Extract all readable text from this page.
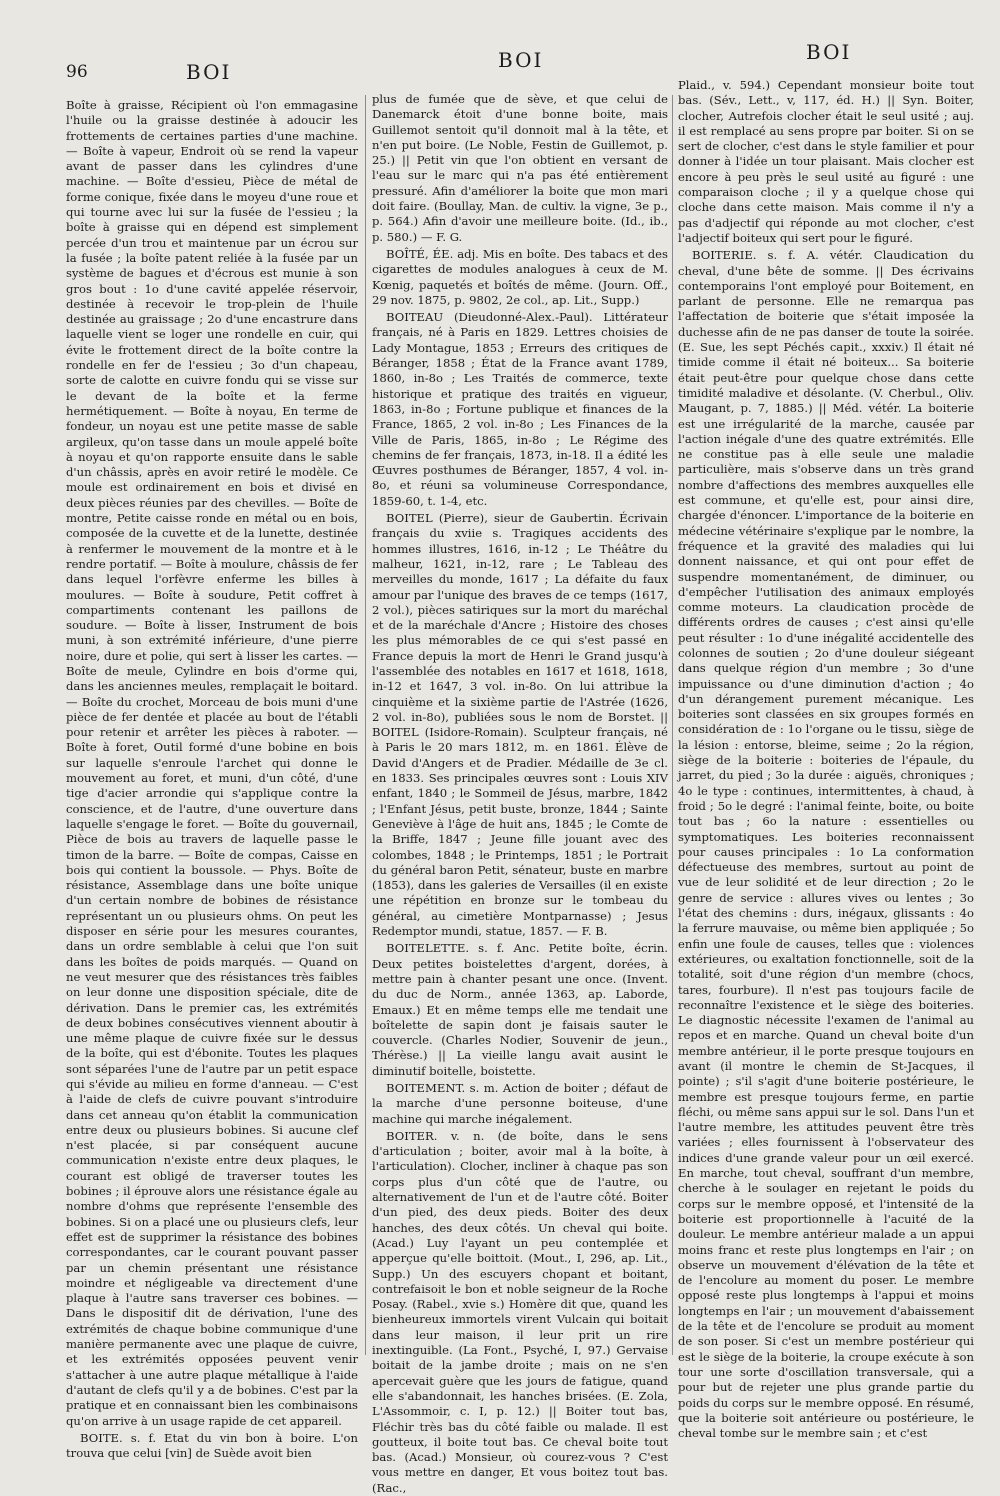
96	BOI	BOI	BOI

Boîte à graisse, Récipient où l'on emmagasine l'huile ou la graisse destinée à adoucir les frottements de certaines parties d'une machine.— Boîte à vapeur, Endroit où se rend la vapeur avant de passer dans les cylindres d'une machine. — Boîte d'essieu, Pièce de métal de forme conique, fixée dans le moyeu d'une roue et qui tourne avec lui sur la fusée de l'essieu ; la boîte à graisse qui en dépend est simplement percée d'un trou et maintenue par un écrou sur la fusée ; la boîte patent reliée à la fusée par un système de bagues et d'écrous est munie à son gros bout : 1o d'une cavité appelée réservoir, destinée à recevoir le trop-plein de l'huile destinée au graissage ; 2o d'une encastrure dans laquelle vient se loger une rondelle en cuir, qui évite le frottement direct de la boîte contre la rondelle en fer de l'essieu ; 3o d'un chapeau, sorte de calotte en cuivre fondu qui se visse sur le devant de la boîte et la ferme hermétiquement. — Boîte à noyau, En terme de fondeur, un noyau est une petite masse de sable argileux, qu'on tasse dans un moule appelé boîte à noyau et qu'on rapporte ensuite dans le sable d'un châssis, après en avoir retiré le modèle. Ce moule est ordinairement en bois et divisé en deux pièces réunies par des chevilles. — Boîte de montre, Petite caisse ronde en métal ou en bois, composée de la cuvette et de la lunette, destinée à renfermer le mouvement de la montre et à le rendre portatif. — Boîte à moulure, châssis de fer dans lequel l'orfèvre enferme les billes à moulures. — Boîte à soudure, Petit coffret à compartiments contenant les paillons de soudure. — Boîte à lisser, Instrument de bois muni, à son extrémité inférieure, d'une pierre noire, dure et polie, qui sert à lisser les cartes. — Boîte de meule, Cylindre en bois d'orme qui, dans les anciennes meules, remplaçait le boitard. — Boîte du crochet, Morceau de bois muni d'une pièce de fer dentée et placée au bout de l'établi pour retenir et arrêter les pièces à raboter. — Boîte à foret, Outil formé d'une bobine en bois sur laquelle s'enroule l'archet qui donne le mouvement au foret, et muni, d'un côté, d'une tige d'acier arrondie qui s'applique contre la conscience, et de l'autre, d'une ouverture dans laquelle s'engage le foret. — Boîte du gouvernail, Pièce de bois au travers de laquelle passe le timon de la barre. — Boîte de compas, Caisse en bois qui contient la boussole. — Phys. Boîte de résistance, Assemblage dans une boîte unique d'un certain nombre de bobines de résistance représentant un ou plusieurs ohms. On peut les disposer en série pour les mesures courantes, dans un ordre semblable à celui que l'on suit dans les boîtes de poids marqués. — Quand on ne veut mesurer que des résistances très faibles on leur donne une disposition spéciale, dite de dérivation. Dans le premier cas, les extrémités de deux bobines consécutives viennent aboutir à une même plaque de cuivre fixée sur le dessus de la boîte, qui est d'ébonite. Toutes les plaques sont séparées l'une de l'autre par un petit espace qui s'évide au milieu en forme d'anneau. — C'est à l'aide de clefs de cuivre pouvant s'introduire dans cet anneau qu'on établit la communication entre deux ou plusieurs bobines. Si aucune clef n'est placée, si par conséquent aucune communication n'existe entre deux plaques, le courant est obligé de traverser toutes les bobines ; il éprouve alors une résistance égale au nombre d'ohms que représente l'ensemble des bobines. Si on a placé une ou plusieurs clefs, leur effet est de supprimer la résistance des bobines correspondantes, car le courant pouvant passer par un chemin présentant une résistance moindre et négligeable va directement d'une plaque à l'autre sans traverser ces bobines. — Dans le dispositif dit de dérivation, l'une des extrémités de chaque bobine communique d'une manière permanente avec une plaque de cuivre, et les extrémités opposées peuvent venir s'attacher à une autre plaque métallique à l'aide d'autant de clefs qu'il y a de bobines. C'est par la pratique et en connaissant bien les combinaisons qu'on arrive à un usage rapide de cet appareil.

BOITE. s. f. Etat du vin bon à boire. L'on trouva que celui [vin] de Suède avoit bien

plus de fumée que de sève, et que celui de Danemarck étoit d'une bonne boite, mais Guillemot sentoit qu'il donnoit mal à la tête, et n'en put boire. (Le Noble, Festin de Guillemot, p. 25.) || Petit vin que l'on obtient en versant de l'eau sur le marc qui n'a pas été entièrement pressuré. Afin d'améliorer la boite que mon mari doit faire. (Boullay, Man. de cultiv. la vigne, 3e p., p. 564.) Afin d'avoir une meilleure boite. (Id., ib., p. 580.) — F. G.

BOÎTÉ, ÉE. adj. Mis en boîte. Des tabacs et des cigarettes de modules analogues à ceux de M. Kœnig, paquetés et boîtés de même. (Journ. Off., 29 nov. 1875, p. 9802, 2e col., ap. Lit., Supp.)

BOITEAU (Dieudonné-Alex.-Paul). Littérateur français, né à Paris en 1829. Lettres choisies de Lady Montague, 1853 ; Erreurs des critiques de Béranger, 1858 ; État de la France avant 1789, 1860, in-8o ; Les Traités de commerce, texte historique et pratique des traités en vigueur, 1863, in-8o ; Fortune publique et finances de la France, 1865, 2 vol. in-8o ; Les Finances de la Ville de Paris, 1865, in-8o ; Le Régime des chemins de fer français, 1873, in-18. Il a édité les Œuvres posthumes de Béranger, 1857, 4 vol. in-8o, et réuni sa volumineuse Correspondance, 1859-60, t. 1-4, etc.

BOITEL (Pierre), sieur de Gaubertin. Écrivain français du xviie s. Tragiques accidents des hommes illustres, 1616, in-12 ; Le Théâtre du malheur, 1621, in-12, rare ; Le Tableau des merveilles du monde, 1617 ; La défaite du faux amour par l'unique des braves de ce temps (1617, 2 vol.), pièces satiriques sur la mort du maréchal et de la maréchale d'Ancre ; Histoire des choses les plus mémorables de ce qui s'est passé en France depuis la mort de Henri le Grand jusqu'à l'assemblée des notables en 1617 et 1618, 1618, in-12 et 1647, 3 vol. in-8o. On lui attribue la cinquième et la sixième partie de l'Astrée (1626, 2 vol. in-8o), publiées sous le nom de Borstet. || BOITEL (Isidore-Romain). Sculpteur français, né à Paris le 20 mars 1812, m. en 1861. Élève de David d'Angers et de Pradier. Médaille de 3e cl. en 1833. Ses principales œuvres sont : Louis XIV enfant, 1840 ; le Sommeil de Jésus, marbre, 1842 ; l'Enfant Jésus, petit buste, bronze, 1844 ; Sainte Geneviève à l'âge de huit ans, 1845 ; le Comte de la Briffe, 1847 ; Jeune fille jouant avec des colombes, 1848 ; le Printemps, 1851 ; le Portrait du général baron Petit, sénateur, buste en marbre (1853), dans les galeries de Versailles (il en existe une répétition en bronze sur le tombeau du général, au cimetière Montparnasse) ; Jesus Redemptor mundi, statue, 1857. — F. B.

BOITELETTE. s. f. Anc. Petite boîte, écrin. Deux petites boistelettes d'argent, dorées, à mettre pain à chanter pesant une once. (Invent. du duc de Norm., année 1363, ap. Laborde, Emaux.) Et en même temps elle me tendait une boîtelette de sapin dont je faisais sauter le couvercle. (Charles Nodier, Souvenir de jeun., Thérèse.) || La vieille langu avait ausint le diminutif boitelle, boistette.

BOITEMENT. s. m. Action de boiter ; défaut de la marche d'une personne boiteuse, d'une machine qui marche inégalement.

BOITER. v. n. (de boîte, dans le sens d'articulation ; boiter, avoir mal à la boîte, à l'articulation). Clocher, incliner à chaque pas son corps plus d'un côté que de l'autre, ou alternativement de l'un et de l'autre côté. Boiter d'un pied, des deux pieds. Boiter des deux hanches, des deux côtés. Un cheval qui boite. (Acad.) Luy l'ayant un peu contemplée et apperçue qu'elle boittoit. (Mout., I, 296, ap. Lit., Supp.) Un des escuyers chopant et boitant, contrefaisoit le bon et noble seigneur de la Roche Posay. (Rabel., xvie s.) Homère dit que, quand les bienheureux immortels virent Vulcain qui boitait dans leur maison, il leur prit un rire inextinguible. (La Font., Psyché, I, 97.) Gervaise boitait de la jambe droite ; mais on ne s'en apercevait guère que les jours de fatigue, quand elle s'abandonnait, les hanches brisées. (E. Zola, L'Assommoir, c. I, p. 12.) || Boiter tout bas, Fléchir très bas du côté faible ou malade. Il est goutteux, il boite tout bas. Ce cheval boite tout bas. (Acad.) Monsieur, où courez-vous ? C'est vous mettre en danger, Et vous boitez tout bas. (Rac.,

Plaid., v. 594.) Cependant monsieur boite tout bas. (Sév., Lett., v, 117, éd. H.) || Syn. Boiter, clocher, Autrefois clocher était le seul usité ; auj. il est remplacé au sens propre par boiter. Si on se sert de clocher, c'est dans le style familier et pour donner à l'idée un tour plaisant. Mais clocher est encore à peu près le seul usité au figuré : une comparaison cloche ; il y a quelque chose qui cloche dans cette maison. Mais comme il n'y a pas d'adjectif qui réponde au mot clocher, c'est l'adjectif boiteux qui sert pour le figuré.

BOITERIE. s. f. A. vétér. Claudication du cheval, d'une bête de somme. || Des écrivains contemporains l'ont employé pour Boitement, en parlant de personne. Elle ne remarqua pas l'affectation de boiterie que s'était imposée la duchesse afin de ne pas danser de toute la soirée. (E. Sue, les sept Péchés capit., xxxiv.) Il était né timide comme il était né boiteux... Sa boiterie était peut-être pour quelque chose dans cette timidité maladive et désolante. (V. Cherbul., Oliv. Maugant, p. 7, 1885.) || Méd. vétér. La boiterie est une irrégularité de la marche, causée par l'action inégale d'une des quatre extrémités. Elle ne constitue pas à elle seule une maladie particulière, mais s'observe dans un très grand nombre d'affections des membres auxquelles elle est commune, et qu'elle est, pour ainsi dire, chargée d'énoncer. L'importance de la boiterie en médecine vétérinaire s'explique par le nombre, la fréquence et la gravité des maladies qui lui donnent naissance, et qui ont pour effet de suspendre momentanément, de diminuer, ou d'empêcher l'utilisation des animaux employés comme moteurs. La claudication procède de différents ordres de causes ; c'est ainsi qu'elle peut résulter : 1o d'une inégalité accidentelle des colonnes de soutien ; 2o d'une douleur siégeant dans quelque région d'un membre ; 3o d'une impuissance ou d'une diminution d'action ; 4o d'un dérangement purement mécanique. Les boiteries sont classées en six groupes formés en considération de : 1o l'organe ou le tissu, siège de la lésion : entorse, bleime, seime ; 2o la région, siège de la boiterie : boiteries de l'épaule, du jarret, du pied ; 3o la durée : aiguës, chroniques ; 4o le type : continues, intermittentes, à chaud, à froid ; 5o le degré : l'animal feinte, boite, ou boite tout bas ; 6o la nature : essentielles ou symptomatiques. Les boiteries reconnaissent pour causes principales : 1o La conformation défectueuse des membres, surtout au point de vue de leur solidité et de leur direction ; 2o le genre de service : allures vives ou lentes ; 3o l'état des chemins : durs, inégaux, glissants : 4o la ferrure mauvaise, ou même bien appliquée ; 5o enfin une foule de causes, telles que : violences extérieures, ou exaltation fonctionnelle, soit de la totalité, soit d'une région d'un membre (chocs, tares, fourbure). Il n'est pas toujours facile de reconnaître l'existence et le siège des boiteries. Le diagnostic nécessite l'examen de l'animal au repos et en marche. Quand un cheval boite d'un membre antérieur, il le porte presque toujours en avant (il montre le chemin de St-Jacques, il pointe) ; s'il s'agit d'une boiterie postérieure, le membre est presque toujours ferme, en partie fléchi, ou même sans appui sur le sol. Dans l'un et l'autre membre, les attitudes peuvent être très variées ; elles fournissent à l'observateur des indices d'une grande valeur pour un œil exercé. En marche, tout cheval, souffrant d'un membre, cherche à le soulager en rejetant le poids du corps sur le membre opposé, et l'intensité de la boiterie est proportionnelle à l'acuité de la douleur. Le membre antérieur malade a un appui moins franc et reste plus longtemps en l'air ; on observe un mouvement d'élévation de la tête et de l'encolure au moment du poser. Le membre opposé reste plus longtemps à l'appui et moins longtemps en l'air ; un mouvement d'abaissement de la tête et de l'encolure se produit au moment de son poser. Si c'est un membre postérieur qui est le siège de la boiterie, la croupe exécute à son tour une sorte d'oscillation transversale, qui a pour but de rejeter une plus grande partie du poids du corps sur le membre opposé. En résumé, que la boiterie soit antérieure ou postérieure, le cheval tombe sur le membre sain ; et c'est
